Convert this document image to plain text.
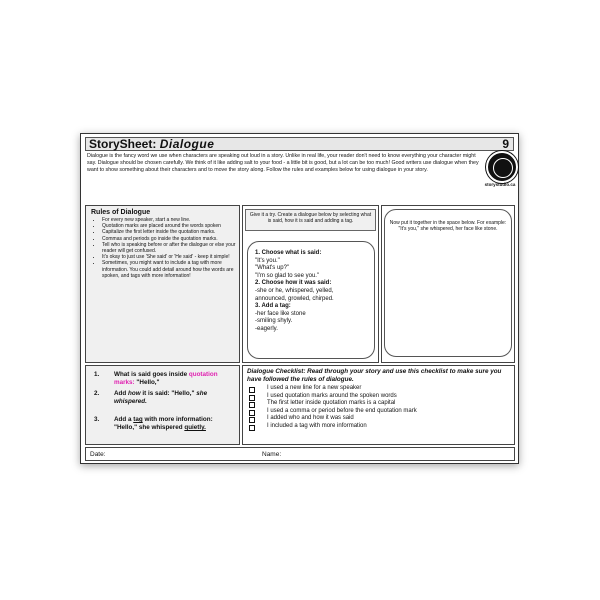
StorySheet: Dialogue	9
Dialogue is the fancy word we use when characters are speaking out loud in a story. Unlike in real life, your reader don't need to know everything your character might say. Dialogue should be chosen carefully. We think of it like adding salt to your food - a little bit is good, but a lot can be too much! Good writers use dialogue when they want to show something about their characters and to move the story along. Follow the rules and examples below for using dialogue in your story.
storystudio.ca
Rules of Dialogue
• For every new speaker, start a new line.
• Quotation marks are placed around the words spoken
• Capitalize the first letter inside the quotation marks.
• Commas and periods go inside the quotation marks.
• Tell who is speaking before or after the dialogue or else your reader will get confused.
• It's okay to just use 'She said' or 'He said' - keep it simple!
• Sometimes, you might want to include a tag with more information. You could add detail around how the words are spoken, and tags with more information!
Give it a try. Create a dialogue below by selecting what is said, how it is said and adding a tag.
1. Choose what is said:
"It's you."
"What's up?"
"I'm so glad to see you."
2. Choose how it was said:
-she or he, whispered, yelled,
announced, growled, chirped.
3. Add a tag:
-her face like stone
-smiling shyly.
-eagerly.
Now put it together in the space below. For example: "It's you," she whispered, her face like stone.
1. What is said goes inside quotation marks: "Hello,"
2. Add how it is said: "Hello," she whispered.
3. Add a tag with more information: "Hello," she whispered quietly.
Dialogue Checklist: Read through your story and use this checklist to make sure you have followed the rules of dialogue.
I used a new line for a new speaker
I used quotation marks around the spoken words
The first letter inside quotation marks is a capital
I used a comma or period before the end quotation mark
I added who and how it was said
I included a tag with more information
Date:	Name:
